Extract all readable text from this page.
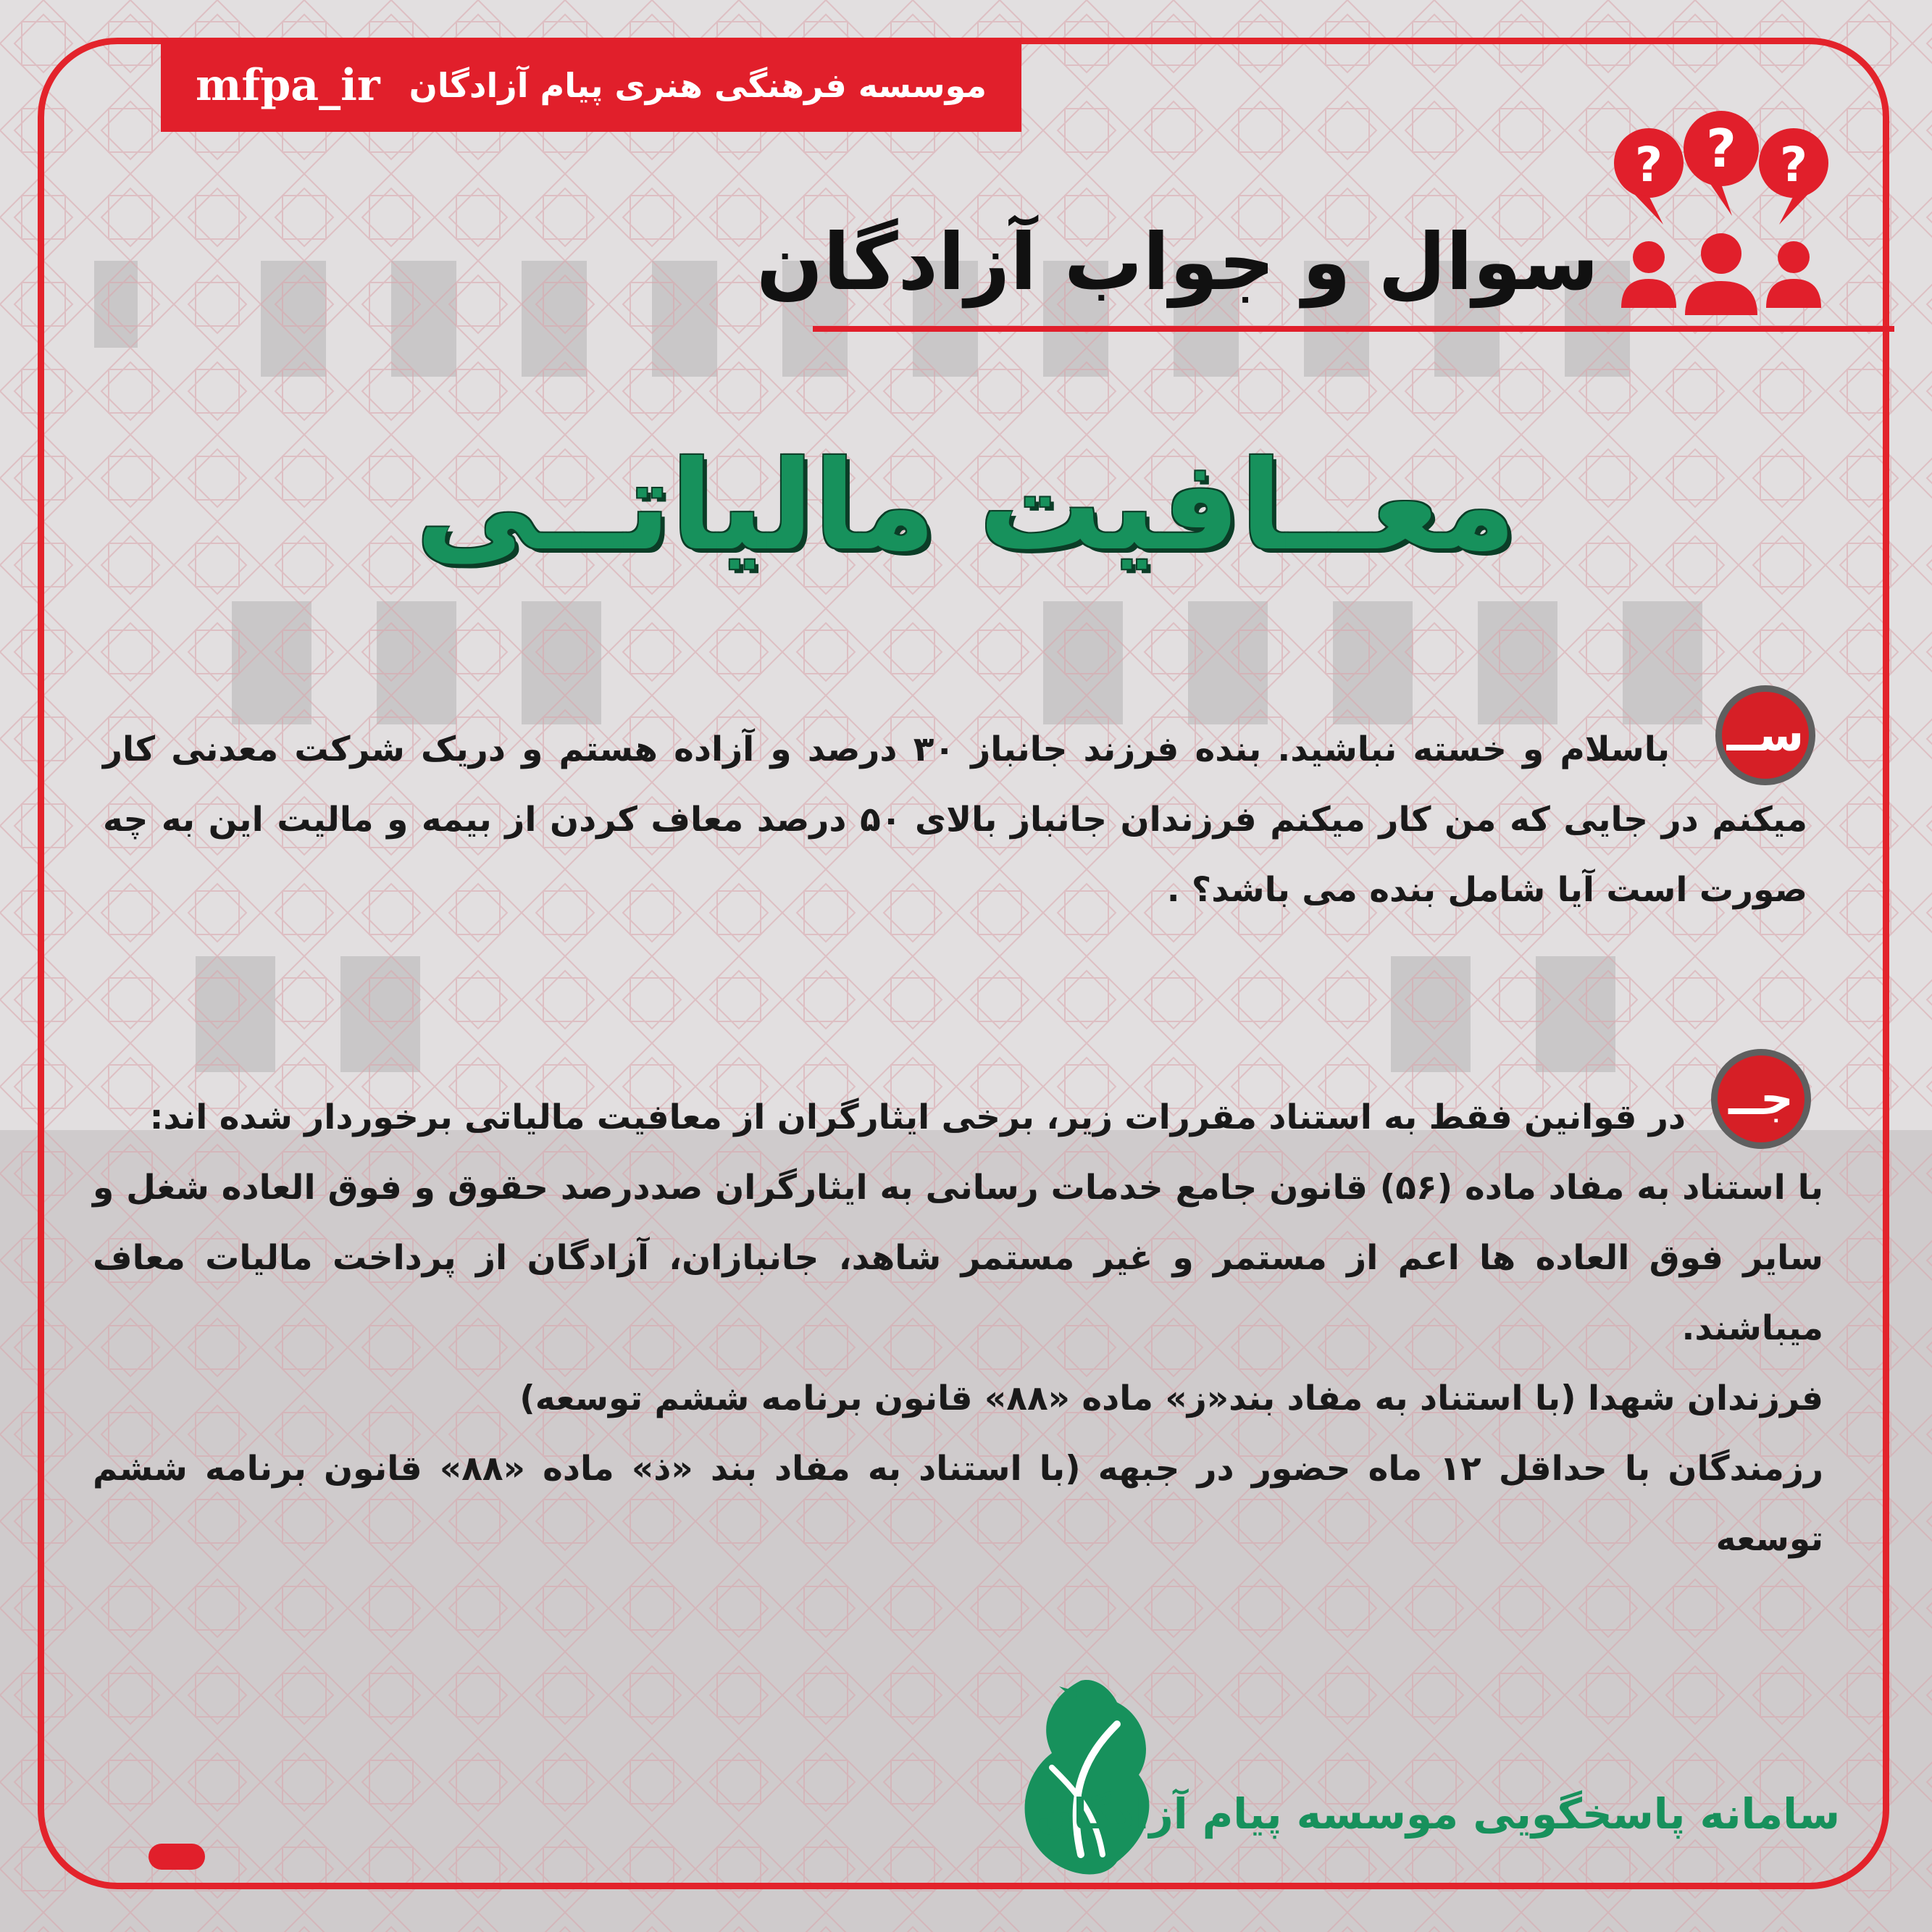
موسسه فرهنگی هنری پیام آزادگان
mfpa_ir
سوال و جواب آزادگان
? ? ?
معــافیت مالیاتــی
ســ
باسلام و خسته نباشید. بنده فرزند جانباز ۳۰ درصد و آزاده هستم و دریک شرکت معدنی کار میکنم در جایی که من کار میکنم فرزندان جانباز بالای ۵۰ درصد معاف کردن از بیمه و مالیت این به چه صورت است آیا شامل بنده می باشد؟ .
جــ

در قوانین فقط به استناد مقررات زیر، برخی ایثارگران از معافیت مالیاتی برخوردار شده اند:

با استناد به مفاد ماده (۵۶) قانون جامع خدمات رسانی به ایثارگران صددرصد حقوق و فوق العاده شغل و سایر فوق العاده ها اعم از مستمر و غیر مستمر شاهد، جانبازان، آزادگان از پرداخت مالیات معاف میباشند.

فرزندان شهدا (با استناد به مفاد بند«ز» ماده «۸۸» قانون برنامه ششم توسعه)

رزمندگان با حداقل ۱۲ ماه حضور در جبهه (با استناد به مفاد بند «ذ» ماده «۸۸» قانون برنامه ششم توسعه

سامانه پاسخگویی موسسه پیام آزادگان
